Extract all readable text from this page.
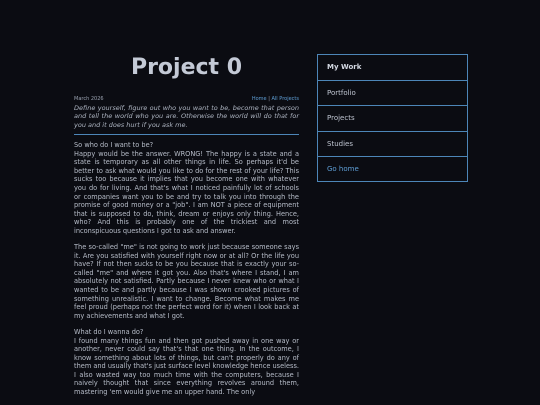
Project 0
March 2026	Home | All Projects

Define yourself, figure out who you want to be, become that person and tell the world who you are. Otherwise the world will do that for you and it does hurt if you ask me.

So who do I want to be?

Happy would be the answer. WRONG! The happy is a state and a state is temporary as all other things in life. So perhaps it'd be better to ask what would you like to do for the rest of your life? This sucks too because it implies that you become one with whatever you do for living. And that's what I noticed painfully lot of schools or companies want you to be and try to talk you into through the promise of good money or a "job". I am NOT a piece of equipment that is supposed to do, think, dream or enjoys only thing. Hence, who? And this is probably one of the trickiest and most inconspicuous questions I got to ask and answer.

The so-called "me" is not going to work just because someone says it. Are you satisfied with yourself right now or at all? Or the life you have? If not then sucks to be you because that is exactly your so-called "me" and where it got you. Also that's where I stand, I am absolutely not satisfied. Partly because I never knew who or what I wanted to be and partly because I was shown crooked pictures of something unrealistic. I want to change. Become what makes me feel proud (perhaps not the perfect word for it) when I look back at my achievements and what I got.

What do I wanna do?

I found many things fun and then got pushed away in one way or another, never could say that's that one thing. In the outcome, I know something about lots of things, but can't properly do any of them and usually that's just surface level knowledge hence useless. I also wasted way too much time with the computers, because I naively thought that since everything revolves around them, mastering 'em would give me an upper hand. The only

My Work
Portfolio
Projects
Studies
Go home
